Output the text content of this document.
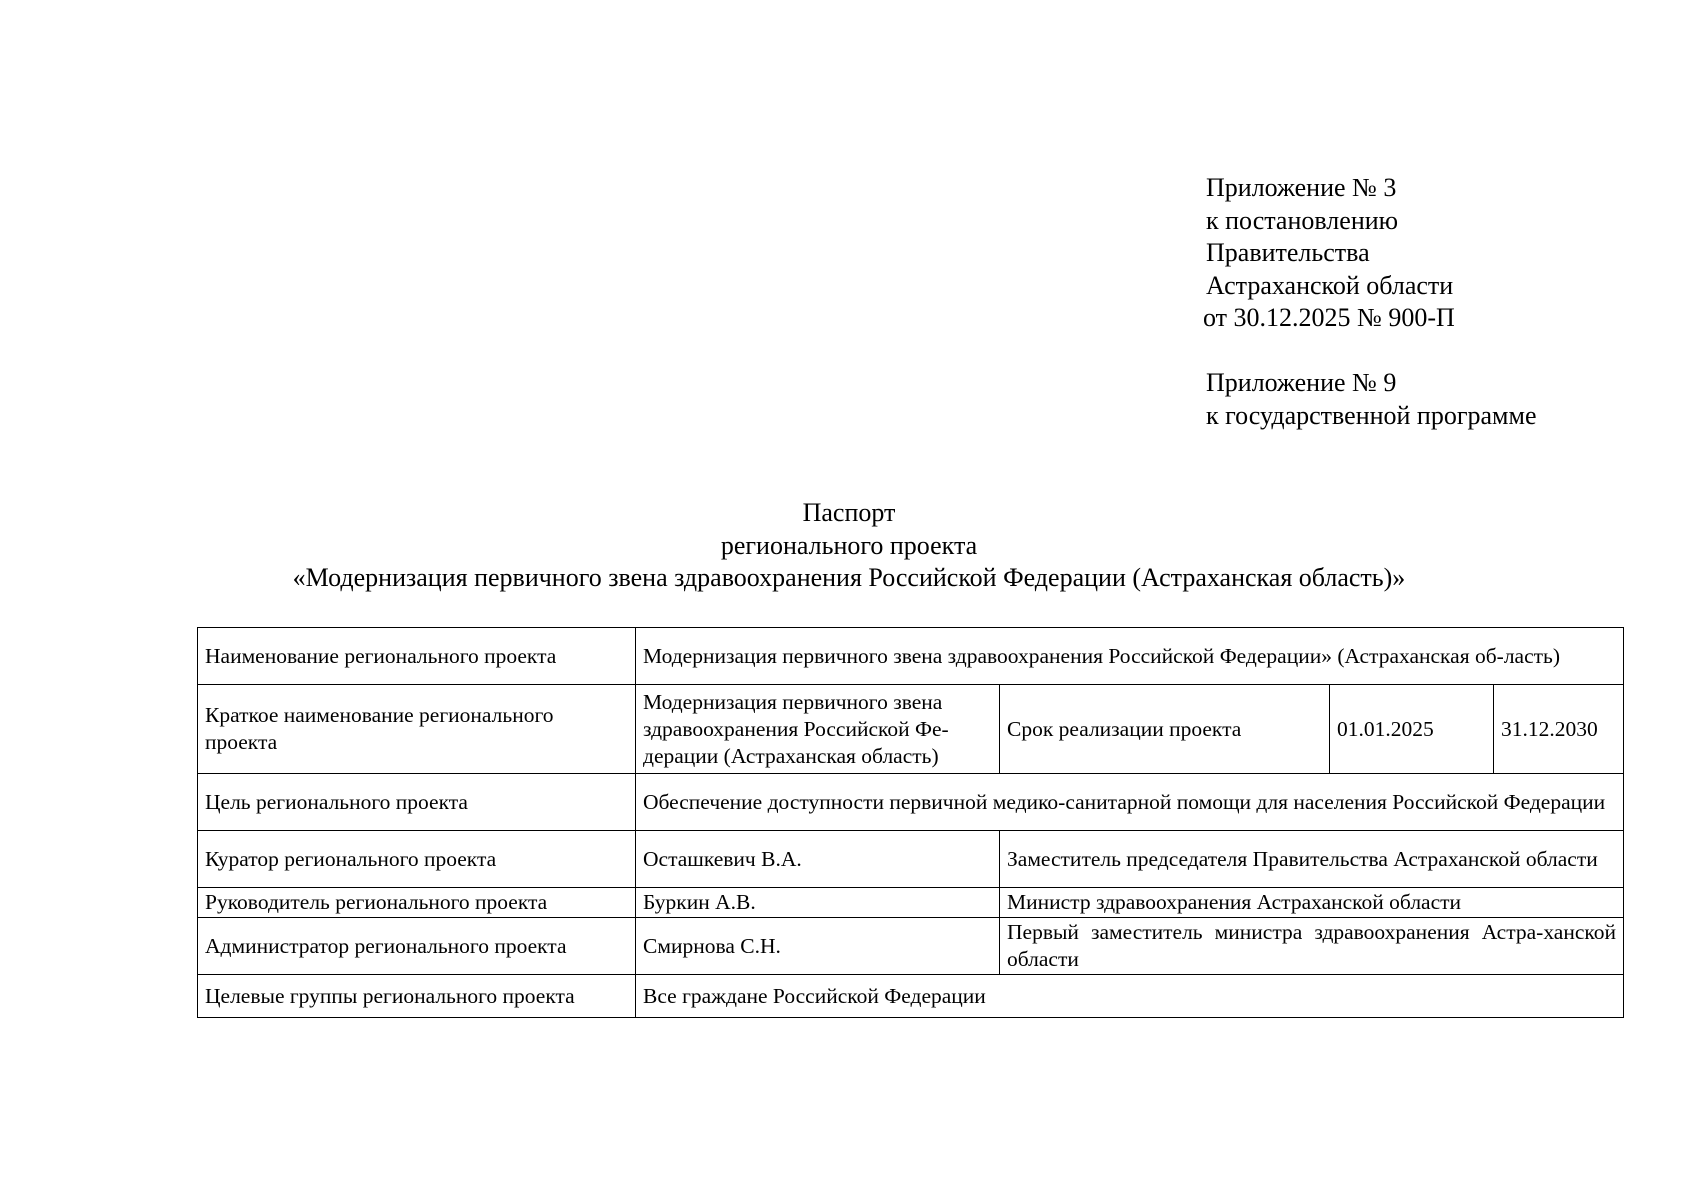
Приложение № 3
к постановлению
Правительства
Астраханской области
от 30.12.2025 № 900-П
Приложение № 9
к государственной программе
Паспорт
регионального проекта
«Модернизация первичного звена здравоохранения Российской Федерации (Астраханская область)»
Наименование регионального проекта	Модернизация первичного звена здравоохранения Российской Федерации» (Астраханская об-ласть)			
Краткое наименование регионального проекта	Модернизация первичного звена здравоохранения Российской Фе-дерации (Астраханская область)	Срок реализации проекта	01.01.2025	31.12.2030
Цель регионального проекта	Обеспечение доступности первичной медико-санитарной помощи для населения Российской Федерации			
Куратор регионального проекта	Осташкевич В.А.	Заместитель председателя Правительства Астраханской области		
Руководитель регионального проекта	Буркин А.В.	Министр здравоохранения Астраханской области		
Администратор регионального проекта	Смирнова С.Н.	Первый заместитель министра здравоохранения Астра-ханской области		
Целевые группы регионального проекта	Все граждане Российской Федерации			
